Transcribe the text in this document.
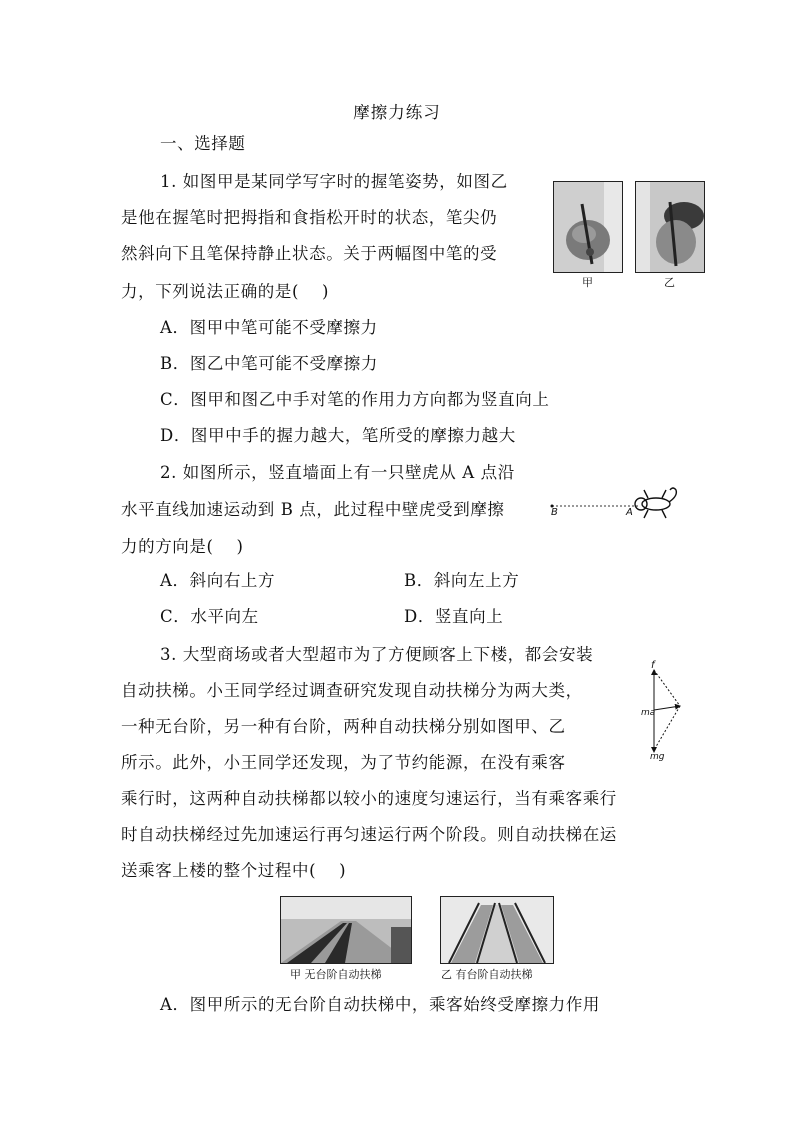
摩擦力练习
一、选择题
1. 如图甲是某同学写字时的握笔姿势，如图乙
是他在握笔时把拇指和食指松开时的状态，笔尖仍
然斜向下且笔保持静止状态。关于两幅图中笔的受
力，下列说法正确的是(　 )	甲	乙
A．图甲中笔可能不受摩擦力
B．图乙中笔可能不受摩擦力
C．图甲和图乙中手对笔的作用力方向都为竖直向上
D．图甲中手的握力越大，笔所受的摩擦力越大
2. 如图所示，竖直墙面上有一只壁虎从 A 点沿
水平直线加速运动到 B 点，此过程中壁虎受到摩擦
力的方向是(　 )
B	A
A．斜向右上方	B．斜向左上方
C．水平向左	D．竖直向上
3. 大型商场或者大型超市为了方便顾客上下楼，都会安装
自动扶梯。小王同学经过调查研究发现自动扶梯分为两大类，
一种无台阶，另一种有台阶，两种自动扶梯分别如图甲、乙
所示。此外，小王同学还发现，为了节约能源，在没有乘客
乘行时，这两种自动扶梯都以较小的速度匀速运行，当有乘客乘行
时自动扶梯经过先加速运行再匀速运行两个阶段。则自动扶梯在运
送乘客上楼的整个过程中(　 )
f
ma
mg
甲 无台阶自动扶梯	乙 有台阶自动扶梯
A．图甲所示的无台阶自动扶梯中，乘客始终受摩擦力作用
